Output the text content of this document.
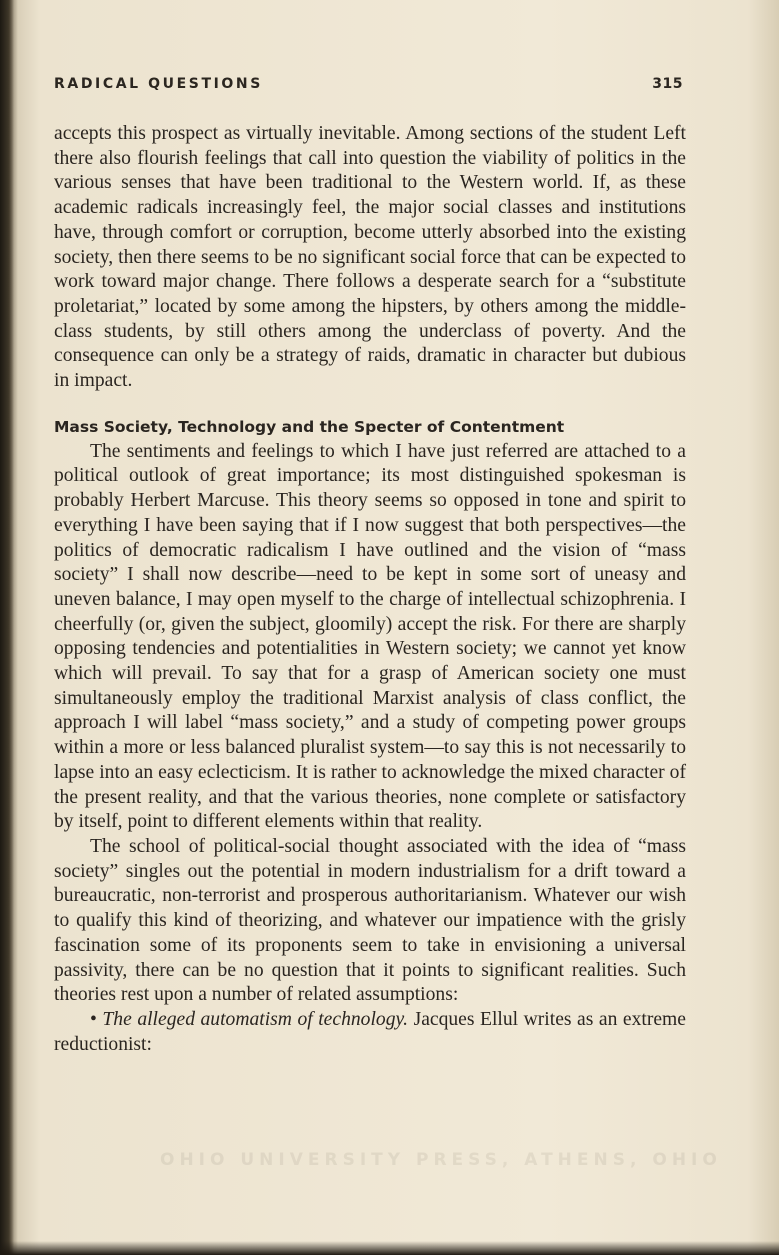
RADICAL QUESTIONS	315

accepts this prospect as virtually inevitable. Among sections of the student Left there also flourish feelings that call into question the viability of politics in the various senses that have been traditional to the Western world. If, as these academic radicals increasingly feel, the major social classes and institutions have, through comfort or corruption, become utterly absorbed into the existing society, then there seems to be no significant social force that can be expected to work toward major change. There follows a desperate search for a “substitute proletariat,” located by some among the hipsters, by others among the middle-class students, by still others among the underclass of poverty. And the consequence can only be a strategy of raids, dramatic in character but dubious in impact.

Mass Society, Technology and the Specter of Contentment

The sentiments and feelings to which I have just referred are attached to a political outlook of great importance; its most distinguished spokesman is probably Herbert Marcuse. This theory seems so opposed in tone and spirit to everything I have been saying that if I now suggest that both perspectives—the politics of democratic radicalism I have outlined and the vision of “mass society” I shall now describe—need to be kept in some sort of uneasy and uneven balance, I may open myself to the charge of intellectual schizophrenia. I cheerfully (or, given the subject, gloomily) accept the risk. For there are sharply opposing tendencies and potentialities in Western society; we cannot yet know which will prevail. To say that for a grasp of American society one must simultaneously employ the traditional Marxist analysis of class conflict, the approach I will label “mass society,” and a study of competing power groups within a more or less balanced pluralist system—to say this is not necessarily to lapse into an easy eclecticism. It is rather to acknowledge the mixed character of the present reality, and that the various theories, none complete or satisfactory by itself, point to different elements within that reality.

The school of political-social thought associated with the idea of “mass society” singles out the potential in modern industrialism for a drift toward a bureaucratic, non-terrorist and prosperous authoritarianism. Whatever our wish to qualify this kind of theorizing, and whatever our impatience with the grisly fascination some of its proponents seem to take in envisioning a universal passivity, there can be no question that it points to significant realities. Such theories rest upon a number of related assumptions:

• The alleged automatism of technology. Jacques Ellul writes as an extreme reductionist:

OHIO UNIVERSITY PRESS, ATHENS, OHIO
